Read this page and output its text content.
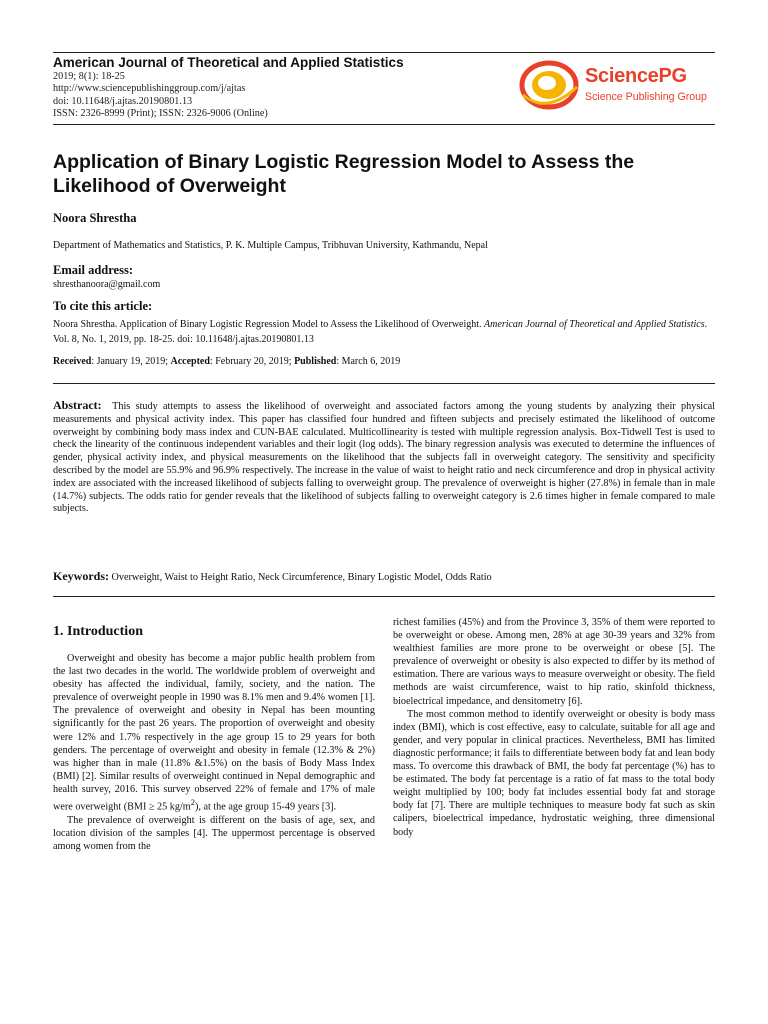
American Journal of Theoretical and Applied Statistics
2019; 8(1): 18-25
http://www.sciencepublishinggroup.com/j/ajtas
doi: 10.11648/j.ajtas.20190801.13
ISSN: 2326-8999 (Print); ISSN: 2326-9006 (Online)
SciencePG
Science Publishing Group
Application of Binary Logistic Regression Model to Assess the Likelihood of Overweight
Noora Shrestha
Department of Mathematics and Statistics, P. K. Multiple Campus, Tribhuvan University, Kathmandu, Nepal
Email address:
shresthanoora@gmail.com
To cite this article:
Noora Shrestha. Application of Binary Logistic Regression Model to Assess the Likelihood of Overweight. American Journal of Theoretical and Applied Statistics. Vol. 8, No. 1, 2019, pp. 18-25. doi: 10.11648/j.ajtas.20190801.13
Received: January 19, 2019; Accepted: February 20, 2019; Published: March 6, 2019
Abstract: This study attempts to assess the likelihood of overweight and associated factors among the young students by analyzing their physical measurements and physical activity index. This paper has classified four hundred and fifteen subjects and precisely estimated the likelihood of outcome overweight by combining body mass index and CUN-BAE calculated. Multicollinearity is tested with multiple regression analysis. Box-Tidwell Test is used to check the linearity of the continuous independent variables and their logit (log odds). The binary regression analysis was executed to determine the influences of gender, physical activity index, and physical measurements on the likelihood that the subjects fall in overweight category. The sensitivity and specificity described by the model are 55.9% and 96.9% respectively. The increase in the value of waist to height ratio and neck circumference and drop in physical activity index are associated with the increased likelihood of subjects falling to overweight group. The prevalence of overweight is higher (27.8%) in female than in male (14.7%) subjects. The odds ratio for gender reveals that the likelihood of subjects falling to overweight category is 2.6 times higher in female compared to male subjects.
Keywords: Overweight, Waist to Height Ratio, Neck Circumference, Binary Logistic Model, Odds Ratio
1. Introduction

Overweight and obesity has become a major public health problem from the last two decades in the world. The worldwide problem of overweight and obesity has affected the individual, family, society, and the nation. The prevalence of overweight people in 1990 was 8.1% men and 9.4% women [1]. The prevalence of overweight and obesity in Nepal has been mounting significantly for the past 26 years. The proportion of overweight and obesity were 12% and 1.7% respectively in the age group 15 to 29 years for both genders. The percentage of overweight and obesity in female (12.3% & 2%) was higher than in male (11.8% &1.5%) on the basis of Body Mass Index (BMI) [2]. Similar results of overweight continued in Nepal demographic and health survey, 2016. This survey observed 22% of female and 17% of male were overweight (BMI ≥ 25 $kg/m^2$), at the age group 15-49 years [3].

The prevalence of overweight is different on the basis of age, sex, and location division of the samples [4]. The uppermost percentage is observed among women from the

richest families (45%) and from the Province 3, 35% of them were reported to be overweight or obese. Among men, 28% at age 30-39 years and 32% from wealthiest families are more prone to be overweight or obese [5]. The prevalence of overweight or obesity is also expected to differ by its method of estimation. There are various ways to measure overweight or obesity. The field methods are waist circumference, waist to hip ratio, skinfold thickness, bioelectrical impedance, and densitometry [6].

The most common method to identify overweight or obesity is body mass index (BMI), which is cost effective, easy to calculate, suitable for all age and gender, and very popular in clinical practices. Nevertheless, BMI has limited diagnostic performance; it fails to differentiate between body fat and lean body mass. To overcome this drawback of BMI, the body fat percentage (%) has to be estimated. The body fat percentage is a ratio of fat mass to the total body weight multiplied by 100; body fat includes essential body fat and storage body fat [7]. There are multiple techniques to measure body fat such as skin calipers, bioelectrical impedance, hydrostatic weighing, three dimensional body
